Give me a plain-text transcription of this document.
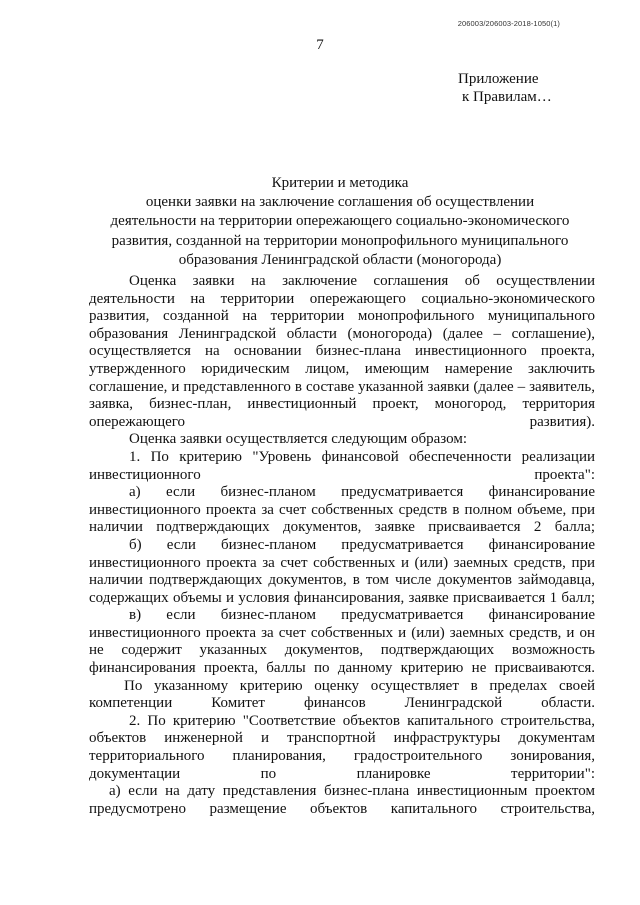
206003/206003-2018-1050(1)
7
Приложение
к Правилам…
Критерии и методика
оценки заявки на заключение соглашения об осуществлении
деятельности на территории опережающего социально-экономического
развития, созданной на территории монопрофильного муниципального
образования Ленинградской области (моногорода)

Оценка заявки на заключение соглашения об осуществлении деятельности на территории опережающего социально-экономического развития, созданной на территории монопрофильного муниципального образования Ленинградской области (моногорода) (далее – соглашение), осуществляется на основании бизнес-плана инвестиционного проекта, утвержденного юридическим лицом, имеющим намерение заключить соглашение, и представленного в составе указанной заявки (далее – заявитель, заявка, бизнес-план, инвестиционный проект, моногород, территория опережающего развития).

Оценка заявки осуществляется следующим образом:

1. По критерию "Уровень финансовой обеспеченности реализации инвестиционного проекта":

а) если бизнес-планом предусматривается финансирование инвестиционного проекта за счет собственных средств в полном объеме, при наличии подтверждающих документов, заявке присваивается 2 балла;

б) если бизнес-планом предусматривается финансирование инвестиционного проекта за счет собственных и (или) заемных средств, при наличии подтверждающих документов, в том числе документов займодавца, содержащих объемы и условия финансирования, заявке присваивается 1 балл;

в) если бизнес-планом предусматривается финансирование инвестиционного проекта за счет собственных и (или) заемных средств, и он не содержит указанных документов, подтверждающих возможность финансирования проекта, баллы по данному критерию не присваиваются.

По указанному критерию оценку осуществляет в пределах своей компетенции Комитет финансов Ленинградской области.

2. По критерию "Соответствие объектов капитального строительства, объектов инженерной и транспортной инфраструктуры документам территориального планирования, градостроительного зонирования, документации по планировке территории":

а) если на дату представления бизнес-плана инвестиционным проектом предусмотрено размещение объектов капитального строительства,
